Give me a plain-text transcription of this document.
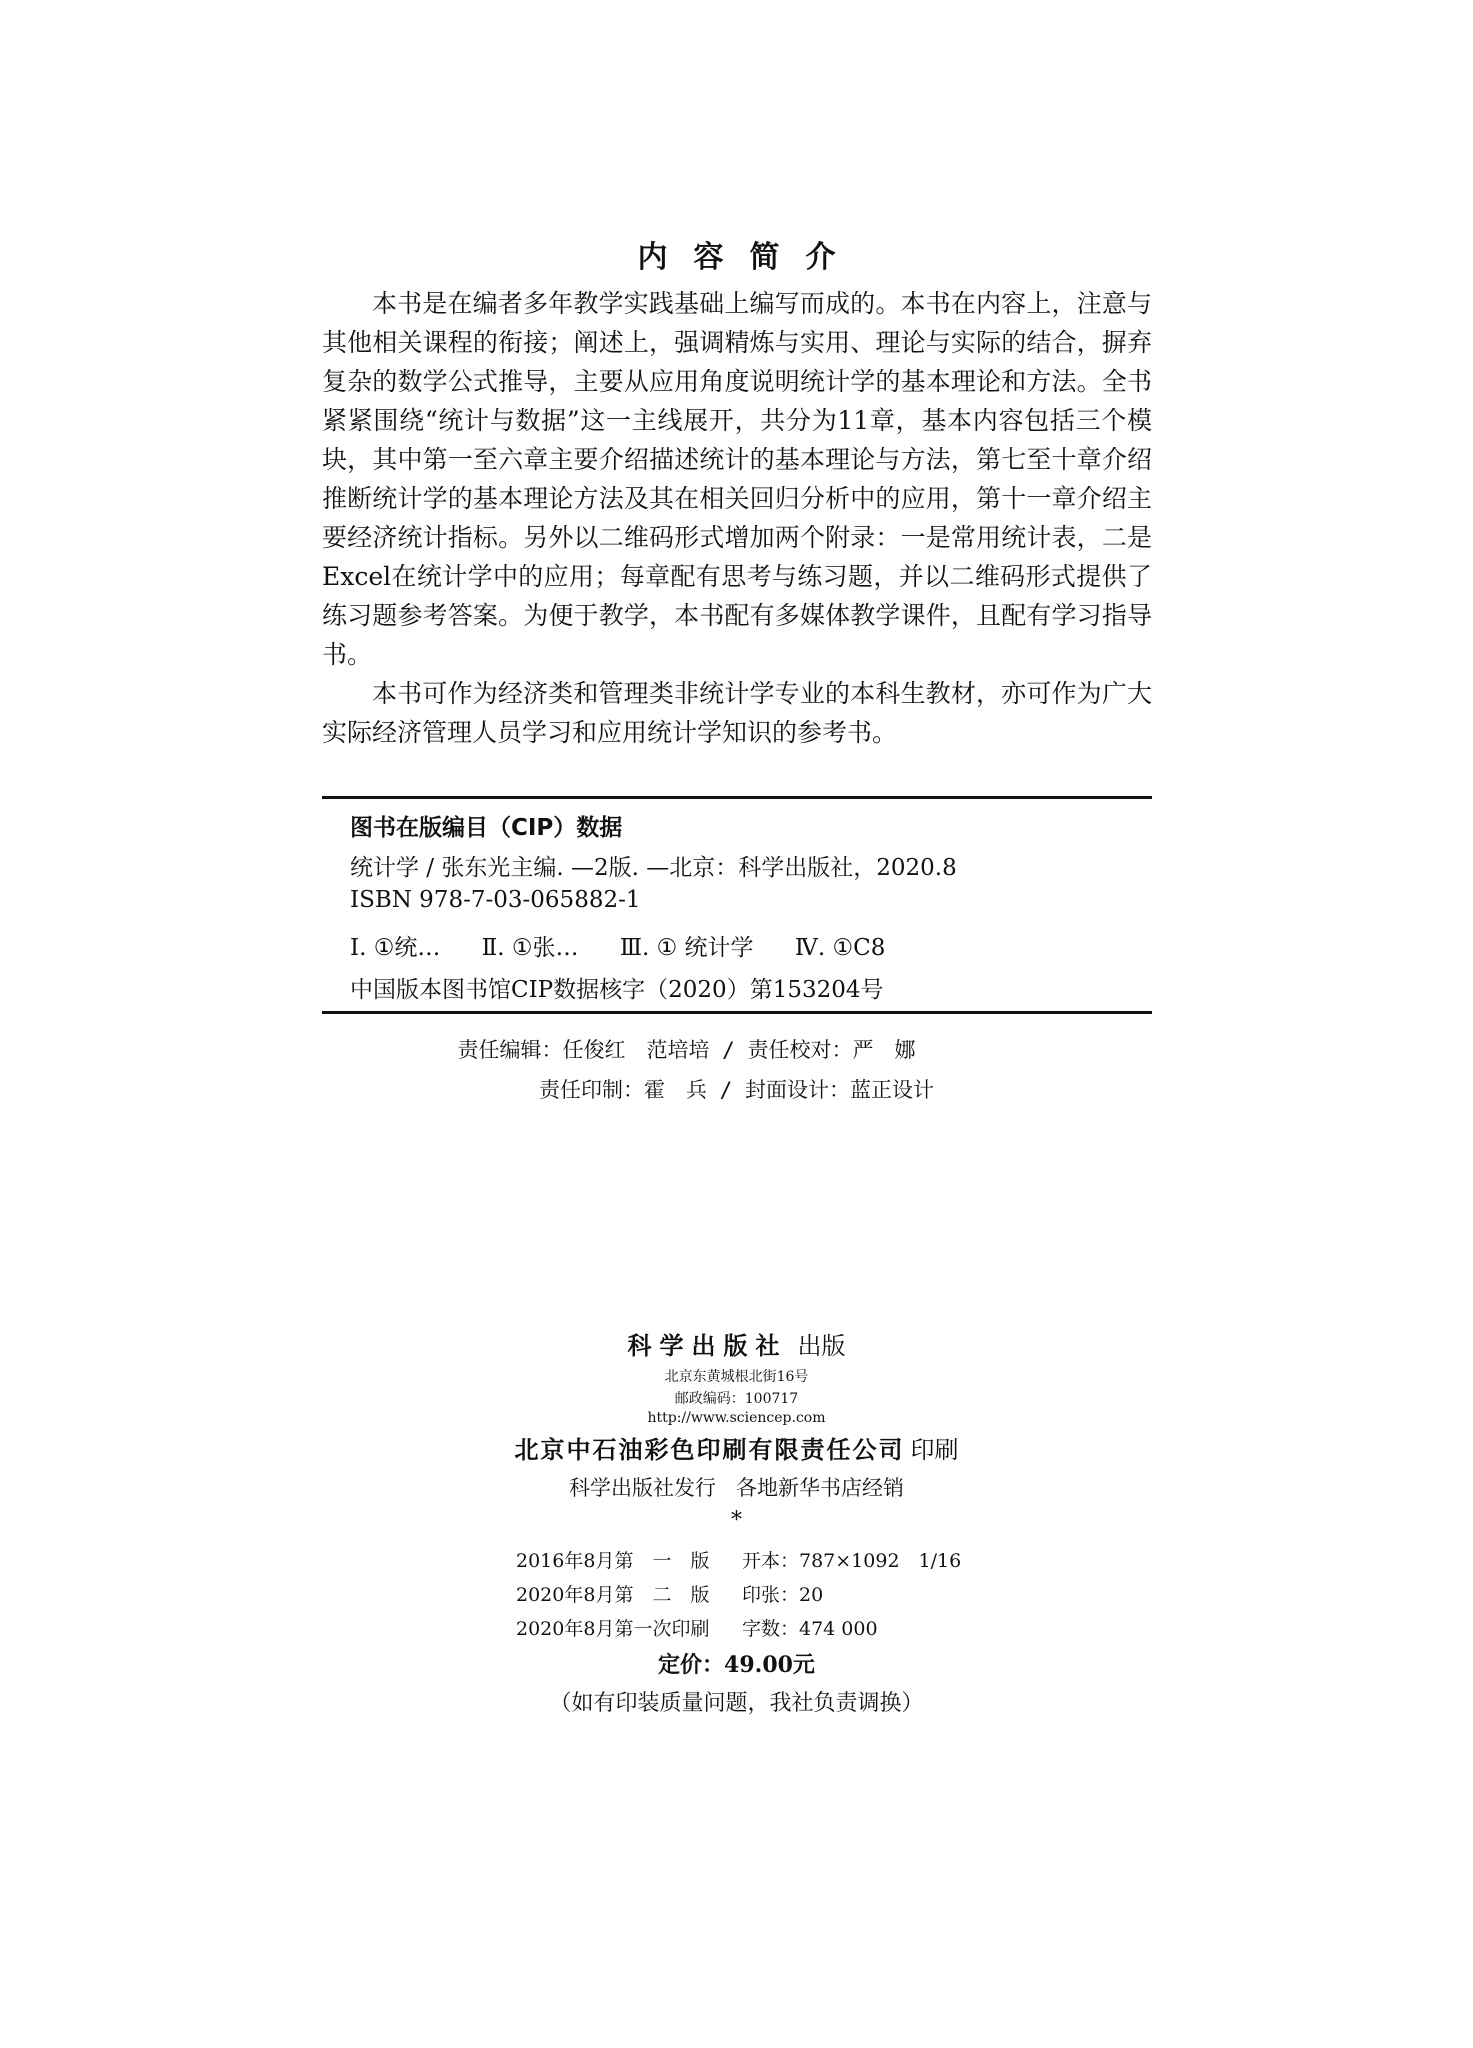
内容简介

本书是在编者多年教学实践基础上编写而成的。本书在内容上，注意与其他相关课程的衔接；阐述上，强调精炼与实用、理论与实际的结合，摒弃复杂的数学公式推导，主要从应用角度说明统计学的基本理论和方法。全书紧紧围绕“统计与数据”这一主线展开，共分为11章，基本内容包括三个模块，其中第一至六章主要介绍描述统计的基本理论与方法，第七至十章介绍推断统计学的基本理论方法及其在相关回归分析中的应用，第十一章介绍主要经济统计指标。另外以二维码形式增加两个附录：一是常用统计表，二是Excel在统计学中的应用；每章配有思考与练习题，并以二维码形式提供了练习题参考答案。为便于教学，本书配有多媒体教学课件，且配有学习指导书。

本书可作为经济类和管理类非统计学专业的本科生教材，亦可作为广大实际经济管理人员学习和应用统计学知识的参考书。

图书在版编目（CIP）数据
统计学 / 张东光主编. —2版. —北京：科学出版社，2020.8
ISBN 978-7-03-065882-1
Ⅰ. ①统… Ⅱ. ①张… Ⅲ. ① 统计学 Ⅳ. ①C8
中国版本图书馆CIP数据核字（2020）第153204号
责任编辑：任俊红　范培培 / 责任校对：严　娜
责任印制：霍　兵 / 封面设计：蓝正设计
科学出版社 出版
北京东黄城根北街16号
邮政编码：100717
http://www.sciencep.com
北京中石油彩色印刷有限责任公司 印刷
科学出版社发行 各地新华书店经销
*
2016年8月第　一　版 开本：787×1092　1/16
2020年8月第　二　版 印张：20
2020年8月第一次印刷 字数：474 000
定价：49.00元
（如有印装质量问题，我社负责调换）
